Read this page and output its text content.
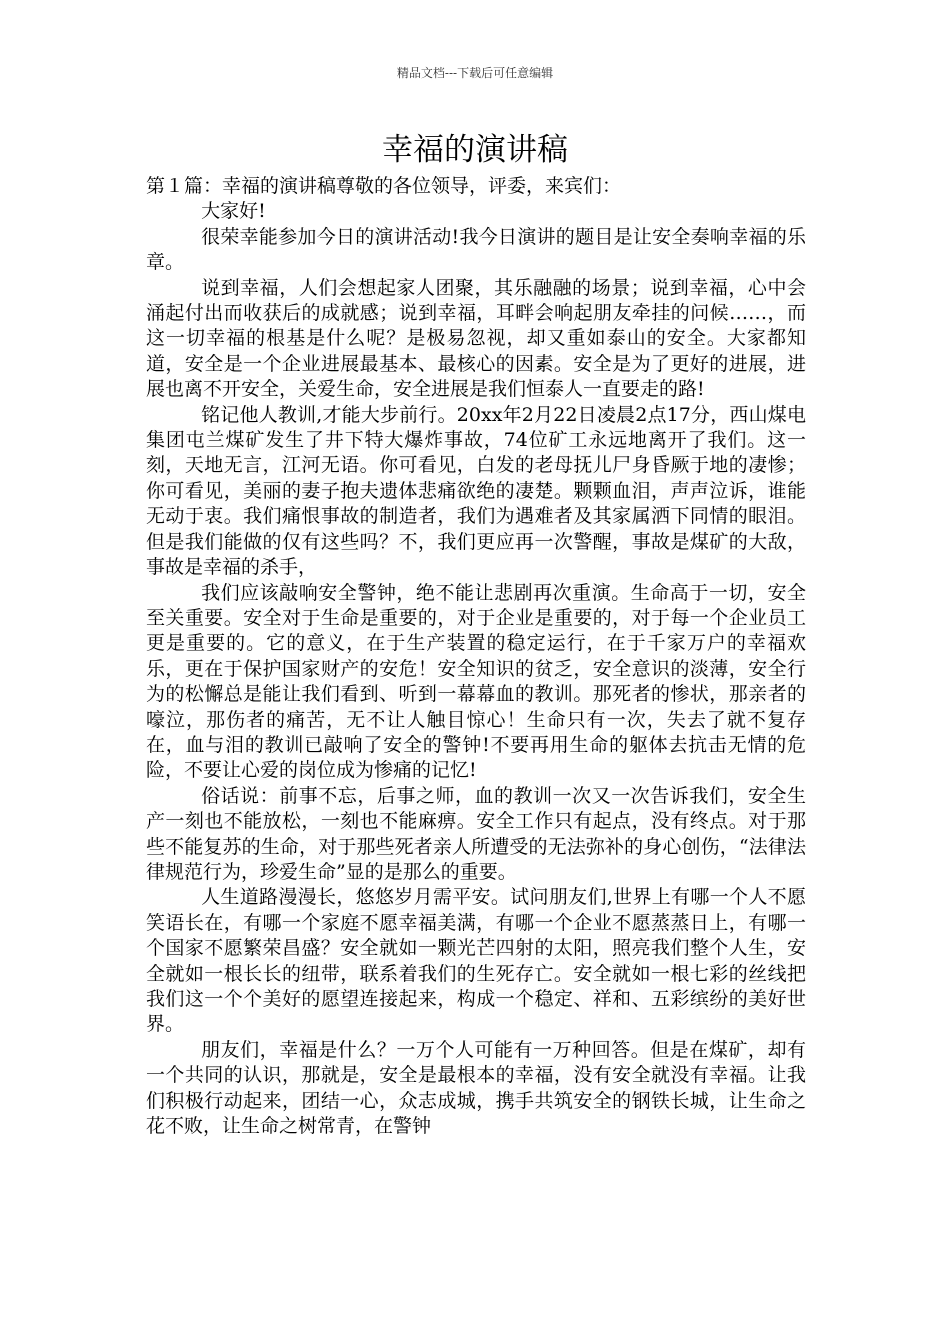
精品文档---下载后可任意编辑
幸福的演讲稿

第１篇：幸福的演讲稿尊敬的各位领导，评委，来宾们：

大家好!

很荣幸能参加今日的演讲活动!我今日演讲的题目是让安全奏响幸福的乐章。

说到幸福，人们会想起家人团聚，其乐融融的场景；说到幸福，心中会涌起付出而收获后的成就感；说到幸福，耳畔会响起朋友牵挂的问候……，而这一切幸福的根基是什么呢？是极易忽视，却又重如泰山的安全。大家都知道，安全是一个企业进展最基本、最核心的因素。安全是为了更好的进展，进展也离不开安全，关爱生命，安全进展是我们恒泰人一直要走的路!

铭记他人教训,才能大步前行。20xx年2月22日凌晨2点17分，西山煤电集团屯兰煤矿发生了井下特大爆炸事故，74位矿工永远地离开了我们。这一刻，天地无言，江河无语。你可看见，白发的老母抚儿尸身昏厥于地的凄惨；你可看见，美丽的妻子抱夫遗体悲痛欲绝的凄楚。颗颗血泪，声声泣诉，谁能无动于衷。我们痛恨事故的制造者，我们为遇难者及其家属洒下同情的眼泪。但是我们能做的仅有这些吗？不，我们更应再一次警醒，事故是煤矿的大敌，事故是幸福的杀手，

我们应该敲响安全警钟，绝不能让悲剧再次重演。生命高于一切，安全至关重要。安全对于生命是重要的，对于企业是重要的，对于每一个企业员工更是重要的。它的意义，在于生产装置的稳定运行，在于千家万户的幸福欢乐，更在于保护国家财产的安危！安全知识的贫乏，安全意识的淡薄，安全行为的松懈总是能让我们看到、听到一幕幕血的教训。那死者的惨状，那亲者的嚎泣，那伤者的痛苦，无不让人触目惊心！生命只有一次，失去了就不复存在，血与泪的教训已敲响了安全的警钟!不要再用生命的躯体去抗击无情的危险，不要让心爱的岗位成为惨痛的记忆!

俗话说：前事不忘，后事之师，血的教训一次又一次告诉我们，安全生产一刻也不能放松，一刻也不能麻痹。安全工作只有起点，没有终点。对于那些不能复苏的生命，对于那些死者亲人所遭受的无法弥补的身心创伤，“法律法律规范行为，珍爱生命”显的是那么的重要。

人生道路漫漫长，悠悠岁月需平安。试问朋友们,世界上有哪一个人不愿笑语长在，有哪一个家庭不愿幸福美满，有哪一个企业不愿蒸蒸日上，有哪一个国家不愿繁荣昌盛？安全就如一颗光芒四射的太阳，照亮我们整个人生，安全就如一根长长的纽带，联系着我们的生死存亡。安全就如一根七彩的丝线把我们这一个个美好的愿望连接起来，构成一个稳定、祥和、五彩缤纷的美好世界。

朋友们，幸福是什么？一万个人可能有一万种回答。但是在煤矿，却有一个共同的认识，那就是，安全是最根本的幸福，没有安全就没有幸福。让我们积极行动起来，团结一心，众志成城，携手共筑安全的钢铁长城，让生命之花不败，让生命之树常青，在警钟
